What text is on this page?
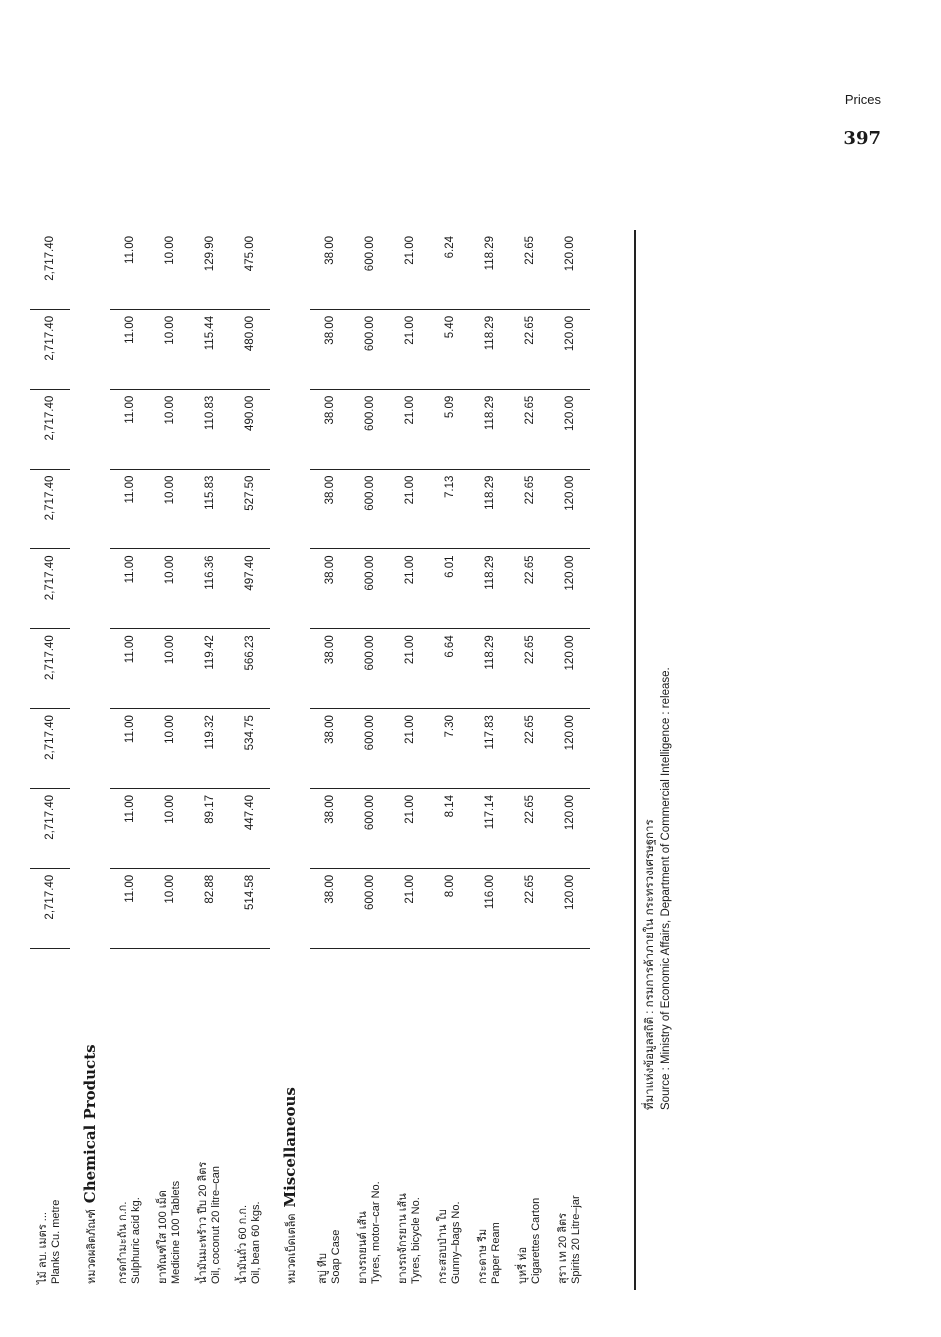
Prices
397
ไม้ ลบ. เมตร ... Planks Cu. metre	2,717.40	2,717.40	2,717.40	2,717.40	2,717.40	2,717.40	2,717.40	2,717.40	2,717.40
หมวดผลิตภัณฑ์Chemical Products									

กรดกำมะถัน ก.ก. Sulphuric acid kg.	11.00	11.00	11.00	11.00	11.00	11.00	11.00	11.00	11.00

ยาทัณฑ์ใส 100 เม็ด Medicine 100 Tablets	10.00	10.00	10.00	10.00	10.00	10.00	10.00	10.00	10.00

น้ำมันมะพร้าว ปีบ 20 ลิตร Oil, coconut 20 litre–can	82.88	89.17	119.32	119.42	116.36	115.83	110.83	115.44	129.90

น้ำมันถั่ว 60 ก.ก. Oil, bean 60 kgs.	514.58	447.40	534.75	566.23	497.40	527.50	490.00	480.00	475.00
หมวดเบ็ดเตล็ดMiscellaneous									

สบู่ หีบ Soap Case	38.00	38.00	38.00	38.00	38.00	38.00	38.00	38.00	38.00

ยางรถยนต์ เส้น Tyres, motor–car No.	600.00	600.00	600.00	600.00	600.00	600.00	600.00	600.00	600.00

ยางรถจักรยาน เส้น Tyres, bicycle No.	21.00	21.00	21.00	21.00	21.00	21.00	21.00	21.00	21.00

กระสอบป่าน ใบ Gunny–bags No.	8.00	8.14	7.30	6.64	6.01	7.13	5.09	5.40	6.24

กระดาษ รีม Paper Ream	116.00	117.14	117.83	118.29	118.29	118.29	118.29	118.29	118.29

บุหรี่ ห่อ Cigarettes Carton	22.65	22.65	22.65	22.65	22.65	22.65	22.65	22.65	22.65

สุรา เท 20 ลิตร Spirits 20 Litre–jar	120.00	120.00	120.00	120.00	120.00	120.00	120.00	120.00	120.00
ที่มาแห่งข้อมูลสถิติ : กรมการค้าภายใน กระทรวงเศรษฐการ Source : Ministry of Economic Affairs, Department of Commercial Intelligence : release.
